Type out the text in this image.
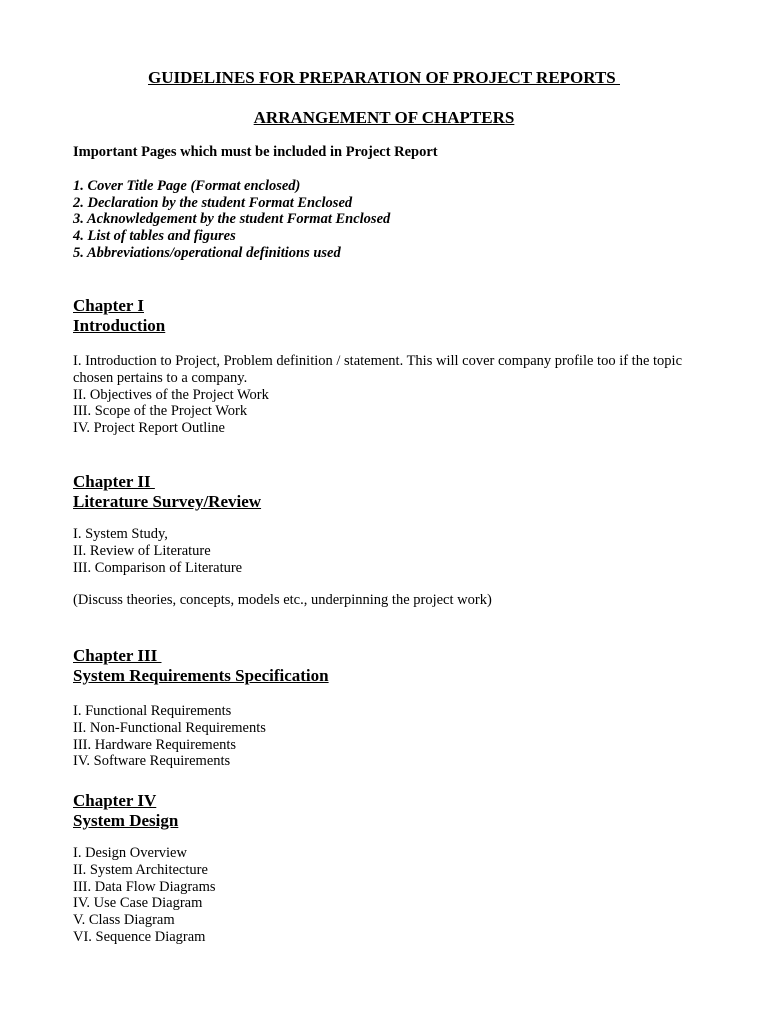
GUIDELINES FOR PREPARATION OF PROJECT REPORTS
ARRANGEMENT OF CHAPTERS

Important Pages which must be included in Project Report

1. Cover Title Page (Format enclosed)
2. Declaration by the student Format Enclosed
3. Acknowledgement by the student Format Enclosed
4. List of tables and figures
5. Abbreviations/operational definitions used
Chapter I
Introduction
I. Introduction to Project, Problem definition / statement. This will cover company profile too if the topic chosen pertains to a company.
II. Objectives of the Project Work
III. Scope of the Project Work
IV. Project Report Outline
Chapter II
Literature Survey/Review
I. System Study,
II. Review of Literature
III. Comparison of Literature

(Discuss theories, concepts, models etc., underpinning the project work)

Chapter III
System Requirements Specification
I. Functional Requirements
II. Non-Functional Requirements
III. Hardware Requirements
IV. Software Requirements
Chapter IV
System Design
I. Design Overview
II. System Architecture
III. Data Flow Diagrams
IV. Use Case Diagram
V. Class Diagram
VI. Sequence Diagram
